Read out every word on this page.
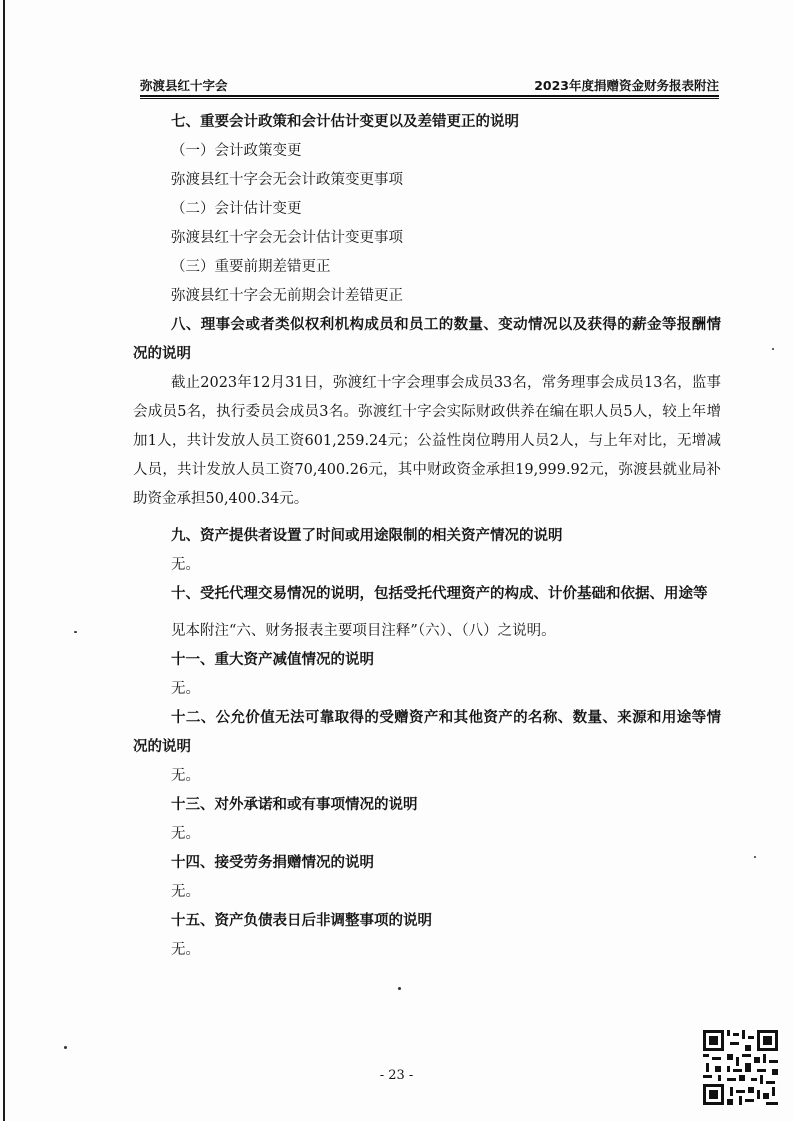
弥渡县红十字会	2023年度捐赠资金财务报表附注

七、重要会计政策和会计估计变更以及差错更正的说明

（一）会计政策变更

弥渡县红十字会无会计政策变更事项

（二）会计估计变更

弥渡县红十字会无会计估计变更事项

（三）重要前期差错更正

弥渡县红十字会无前期会计差错更正

八、理事会或者类似权利机构成员和员工的数量、变动情况以及获得的薪金等报酬情况的说明

截止2023年12月31日，弥渡红十字会理事会成员33名，常务理事会成员13名，监事会成员5名，执行委员会成员3名。弥渡红十字会实际财政供养在编在职人员5人，较上年增加1人，共计发放人员工资601,259.24元；公益性岗位聘用人员2人，与上年对比，无增减人员，共计发放人员工资70,400.26元，其中财政资金承担19,999.92元，弥渡县就业局补助资金承担50,400.34元。

九、资产提供者设置了时间或用途限制的相关资产情况的说明

无。

十、受托代理交易情况的说明，包括受托代理资产的构成、计价基础和依据、用途等

见本附注“六、财务报表主要项目注释”（六）、（八）之说明。

十一、重大资产减值情况的说明

无。

十二、公允价值无法可靠取得的受赠资产和其他资产的名称、数量、来源和用途等情况的说明

无。

十三、对外承诺和或有事项情况的说明

无。

十四、接受劳务捐赠情况的说明

无。

十五、资产负债表日后非调整事项的说明

无。

- 23 -
